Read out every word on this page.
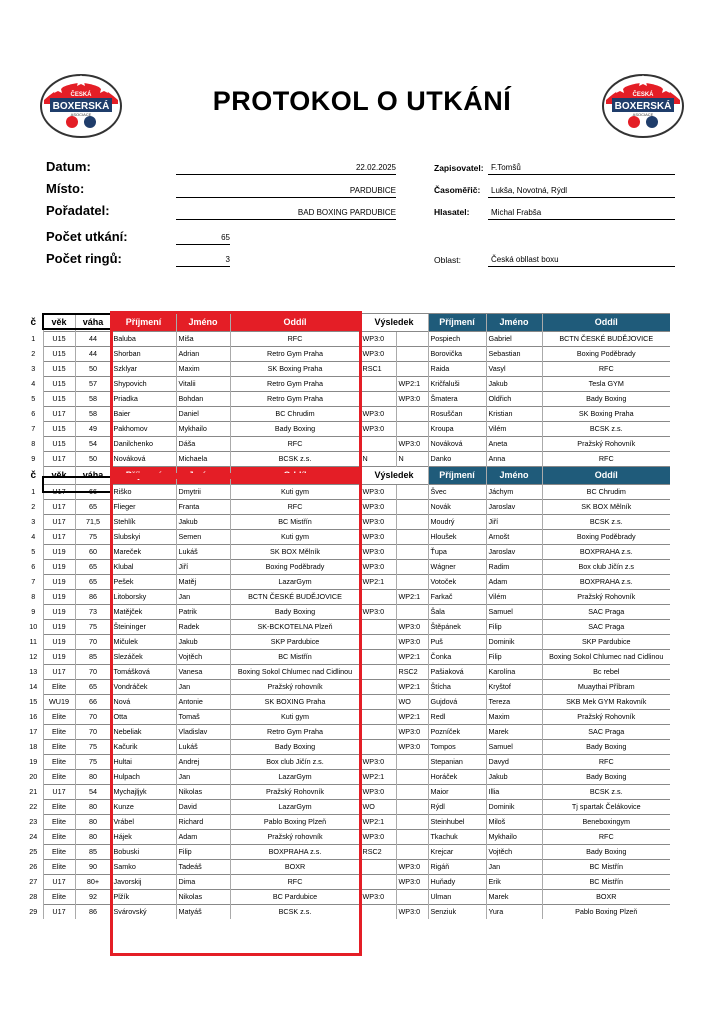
ČESKÁ
BOXERSKÁ
ASOCIACE
ČESKÁ
BOXERSKÁ
ASOCIACE
PROTOKOL O UTKÁNÍ
Datum:	22.02.2025
Místo:	PARDUBICE
Pořadatel:	BAD BOXING PARDUBICE
Počet utkání:	65
Počet ringů:	3
Zapisovatel: F.Tomšů
Časoměřič:	Lukša, Novotná, Rýdl
Hlasatel:	Michal Frabša
Oblast:	Česká obllast boxu
č	věk	váha	Příjmení	Jméno	Oddíl	Výsledek		Příjmení	Jméno	Oddíl
1	U15	44	Baluba	Miša	RFC	WP3:0		Pospiech	Gabriel	BCTN ČESKÉ BUDĚJOVICE
2	U15	44	Shorban	Adrian	Retro Gym Praha	WP3:0		Borovička	Sebastian	Boxing Poděbrady
3	U15	50	Szklyar	Maxim	SK Boxing Praha	RSC1		Raida	Vasyl	RFC
4	U15	57	Shypovich	Vitalii	Retro Gym Praha		WP2:1	Kričfaluši	Jakub	Tesla GYM
5	U15	58	Priadka	Bohdan	Retro Gym Praha		WP3:0	Šmatera	Oldřich	Bady Boxing
6	U17	58	Baier	Daniel	BC Chrudim	WP3:0		Rosuščan	Kristian	SK Boxing Praha
7	U15	49	Pakhomov	Mykhailo	Bady Boxing	WP3:0		Kroupa	Vilém	BCSK z.s.
8	U15	54	Danilchenko	Dáša	RFC		WP3:0	Nováková	Aneta	Pražský Rohovník
9	U17	50	Nováková	Michaela	BCSK z.s.	N	N	Danko	Anna	RFC
č	věk	váha	Příjmení	Jméno	Oddíl	Výsledek		Příjmení	Jméno	Oddíl
1	U17	66	Riško	Dmytrii	Kuti gym	WP3:0		Švec	Jáchym	BC Chrudim
2	U17	65	Flieger	Franta	RFC	WP3:0		Novák	Jaroslav	SK BOX Mělník
3	U17	71,5	Stehlík	Jakub	BC Mistřín	WP3:0		Moudrý	Jiří	BCSK z.s.
4	U17	75	Slubskyi	Semen	Kuti gym	WP3:0		Hloušek	Arnošt	Boxing Poděbrady
5	U19	60	Mareček	Lukáš	SK BOX Mělník	WP3:0		Ťupa	Jaroslav	BOXPRAHA z.s.
6	U19	65	Klubal	Jiří	Boxing Poděbrady	WP3:0		Wágner	Radim	Box club Jičín z.s
7	U19	65	Pešek	Matěj	LazarGym	WP2:1		Votoček	Adam	BOXPRAHA z.s.
8	U19	86	Litoborsky	Jan	BCTN ČESKÉ BUDĚJOVICE		WP2:1	Farkač	Vilém	Pražský Rohovník
9	U19	73	Matějček	Patrik	Bady Boxing	WP3:0		Šala	Samuel	SAC Praga
10	U19	75	Šteininger	Radek	SK-BCKOTELNA Plzeň		WP3:0	Štěpánek	Filip	SAC Praga
11	U19	70	Mičulek	Jakub	SKP Pardubice		WP3:0	Puš	Dominik	SKP Pardubice
12	U19	85	Slezáček	Vojtěch	BC Mistřín		WP2:1	Čonka	Filip	Boxing Sokol Chlumec nad Cidlinou
13	U17	70	Tomášková	Vanesa	Boxing Sokol Chlumec nad Cidlinou		RSC2	Pašiaková	Karolína	Bc rebel
14	Elite	65	Vondráček	Jan	Pražský rohovník		WP2:1	Štícha	Kryštof	Muaythai Příbram
15	WU19	66	Nová	Antonie	SK BOXING Praha		WO	Gujdová	Tereza	SKB Mek GYM Rakovník
16	Elite	70	Otta	Tomaš	Kuti gym		WP2:1	Redl	Maxim	Pražský Rohovník
17	Elite	70	Nebeliak	Vladislav	Retro Gym Praha		WP3:0	Pozníček	Marek	SAC Praga
18	Elite	75	Kačurik	Lukáš	Bady Boxing		WP3:0	Tompos	Samuel	Bady Boxing
19	Elite	75	Hultai	Andrej	Box club Jičín z.s.	WP3:0		Stepanian	Davyd	RFC
20	Elite	80	Hulpach	Jan	LazarGym	WP2:1		Horáček	Jakub	Bady Boxing
21	U17	54	Mychajljyk	Nikolas	Pražský Rohovník	WP3:0		Maior	Illia	BCSK z.s.
22	Elite	80	Kunze	David	LazarGym	WO		Rýdl	Dominik	Tj spartak Čelákovice
23	Elite	80	Vrábel	Richard	Pablo Boxing Plzeň	WP2:1		Steinhubel	Miloš	Beneboxingym
24	Elite	80	Hájek	Adam	Pražský rohovník	WP3:0		Tkachuk	Mykhailo	RFC
25	Elite	85	Bobuski	Filip	BOXPRAHA z.s.	RSC2		Krejcar	Vojtěch	Bady Boxing
26	Elite	90	Samko	Tadeáš	BOXR		WP3:0	Rigáň	Jan	BC Mistřín
27	U17	80+	Javorskij	Dima	RFC		WP3:0	Huňady	Erik	BC Mistřín
28	Elite	92	Plžík	Nikolas	BC Pardubice	WP3:0		Ulman	Marek	BOXR
29	U17	86	Svárovský	Matyáš	BCSK z.s.		WP3:0	Senziuk	Yura	Pablo Boxing Plzeň
